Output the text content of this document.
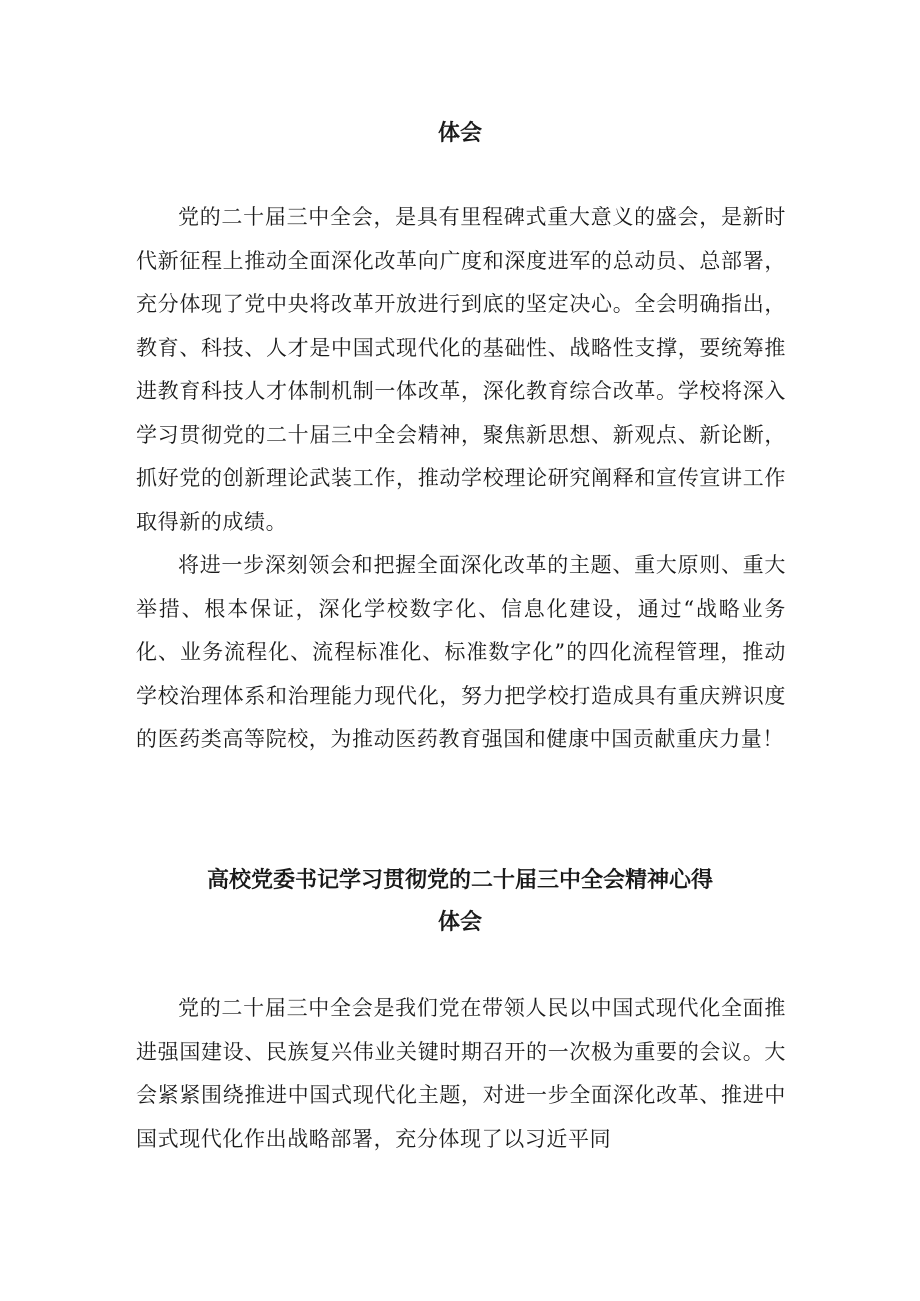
体会

党的二十届三中全会，是具有里程碑式重大意义的盛会，是新时代新征程上推动全面深化改革向广度和深度进军的总动员、总部署，充分体现了党中央将改革开放进行到底的坚定决心。全会明确指出，教育、科技、人才是中国式现代化的基础性、战略性支撑，要统筹推进教育科技人才体制机制一体改革，深化教育综合改革。学校将深入学习贯彻党的二十届三中全会精神，聚焦新思想、新观点、新论断，抓好党的创新理论武装工作，推动学校理论研究阐释和宣传宣讲工作取得新的成绩。

将进一步深刻领会和把握全面深化改革的主题、重大原则、重大举措、根本保证，深化学校数字化、信息化建设，通过“战略业务化、业务流程化、流程标准化、标准数字化”的四化流程管理，推动学校治理体系和治理能力现代化，努力把学校打造成具有重庆辨识度的医药类高等院校，为推动医药教育强国和健康中国贡献重庆力量！

高校党委书记学习贯彻党的二十届三中全会精神心得
体会

党的二十届三中全会是我们党在带领人民以中国式现代化全面推进强国建设、民族复兴伟业关键时期召开的一次极为重要的会议。大会紧紧围绕推进中国式现代化主题，对进一步全面深化改革、推进中国式现代化作出战略部署，充分体现了以习近平同
